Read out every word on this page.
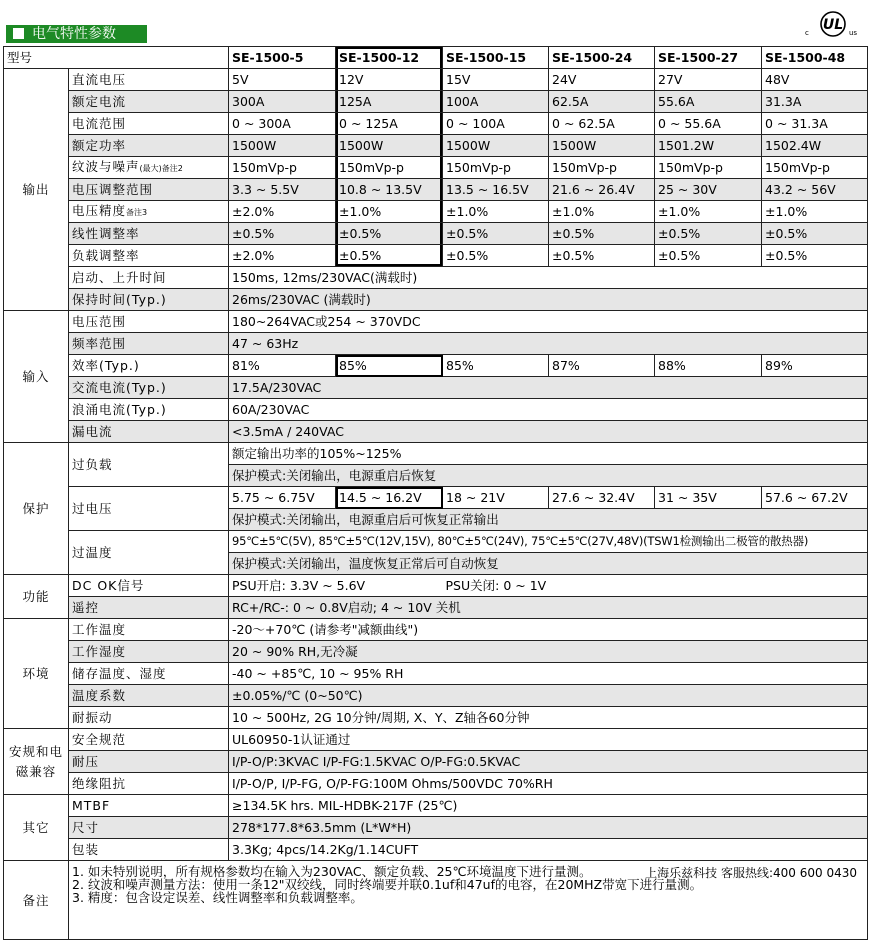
电气特性参数	c UL us
型号		SE-1500-5	SE-1500-12	SE-1500-15	SE-1500-24	SE-1500-27	SE-1500-48
输出	直流电压	5V	12V	15V	24V	27V	48V
	额定电流	300A	125A	100A	62.5A	55.6A	31.3A
	电流范围	0 ~ 300A	0 ~ 125A	0 ~ 100A	0 ~ 62.5A	0 ~ 55.6A	0 ~ 31.3A
	额定功率	1500W	1500W	1500W	1500W	1501.2W	1502.4W
	纹波与噪声(最大)备注2	150mVp-p	150mVp-p	150mVp-p	150mVp-p	150mVp-p	150mVp-p
	电压调整范围	3.3 ~ 5.5V	10.8 ~ 13.5V	13.5 ~ 16.5V	21.6 ~ 26.4V	25 ~ 30V	43.2 ~ 56V
	电压精度备注3	±2.0%	±1.0%	±1.0%	±1.0%	±1.0%	±1.0%
	线性调整率	±0.5%	±0.5%	±0.5%	±0.5%	±0.5%	±0.5%
	负载调整率	±2.0%	±0.5%	±0.5%	±0.5%	±0.5%	±0.5%
	启动、上升时间	150ms, 12ms/230VAC(满载时)					
	保持时间(Typ.)	26ms/230VAC (满载时)					
输入	电压范围	180~264VAC或254 ~ 370VDC					
	频率范围	47 ~ 63Hz					
	效率(Typ.)	81%	85%	85%	87%	88%	89%
	交流电流(Typ.)	17.5A/230VAC					
	浪涌电流(Typ.)	60A/230VAC					
	漏电流	<3.5mA / 240VAC					
保护	过负载	额定输出功率的105%~125%					
		保护模式:关闭输出，电源重启后恢复					
	过电压	5.75 ~ 6.75V	14.5 ~ 16.2V	18 ~ 21V	27.6 ~ 32.4V	31 ~ 35V	57.6 ~ 67.2V
		保护模式:关闭输出，电源重启后可恢复正常输出					
	过温度	95℃±5℃(5V), 85℃±5℃(12V,15V), 80℃±5℃(24V), 75℃±5℃(27V,48V)(TSW1检测输出二极管的散热器)					
		保护模式:关闭输出，温度恢复正常后可自动恢复					
功能	DC OK信号	PSU开启: 3.3V ~ 5.6V		PSU关闭: 0 ~ 1V			
	遥控	RC+/RC-: 0 ~ 0.8V启动; 4 ~ 10V 关机					
环境	工作温度	-20～+70℃ (请参考"减额曲线")					
	工作湿度	20 ~ 90% RH,无冷凝					
	储存温度、湿度	-40 ~ +85℃, 10 ~ 95% RH					
	温度系数	±0.05%/℃ (0~50℃)					
	耐振动	10 ~ 500Hz, 2G 10分钟/周期, X、Y、Z轴各60分钟					
安规和电磁兼容	安全规范	UL60950-1认证通过					
	耐压	I/P-O/P:3KVAC I/P-FG:1.5KVAC O/P-FG:0.5KVAC					
	绝缘阻抗	I/P-O/P, I/P-FG, O/P-FG:100M Ohms/500VDC 70%RH					
其它	MTBF	≥134.5K hrs. MIL-HDBK-217F (25℃)					
	尺寸	278*177.8*63.5mm (L*W*H)					
	包装	3.3Kg; 4pcs/14.2Kg/1.14CUFT					
备注	1. 如未特别说明，所有规格参数均在输入为230VAC、额定负载、25℃环境温度下进行量测。
2. 纹波和噪声测量方法：使用一条12"双绞线，同时终端要并联0.1uf和47uf的电容，在20MHZ带宽下进行量测。
3. 精度：包含设定误差、线性调整率和负载调整率。
上海乐兹科技 客服热线:400 600 0430						
